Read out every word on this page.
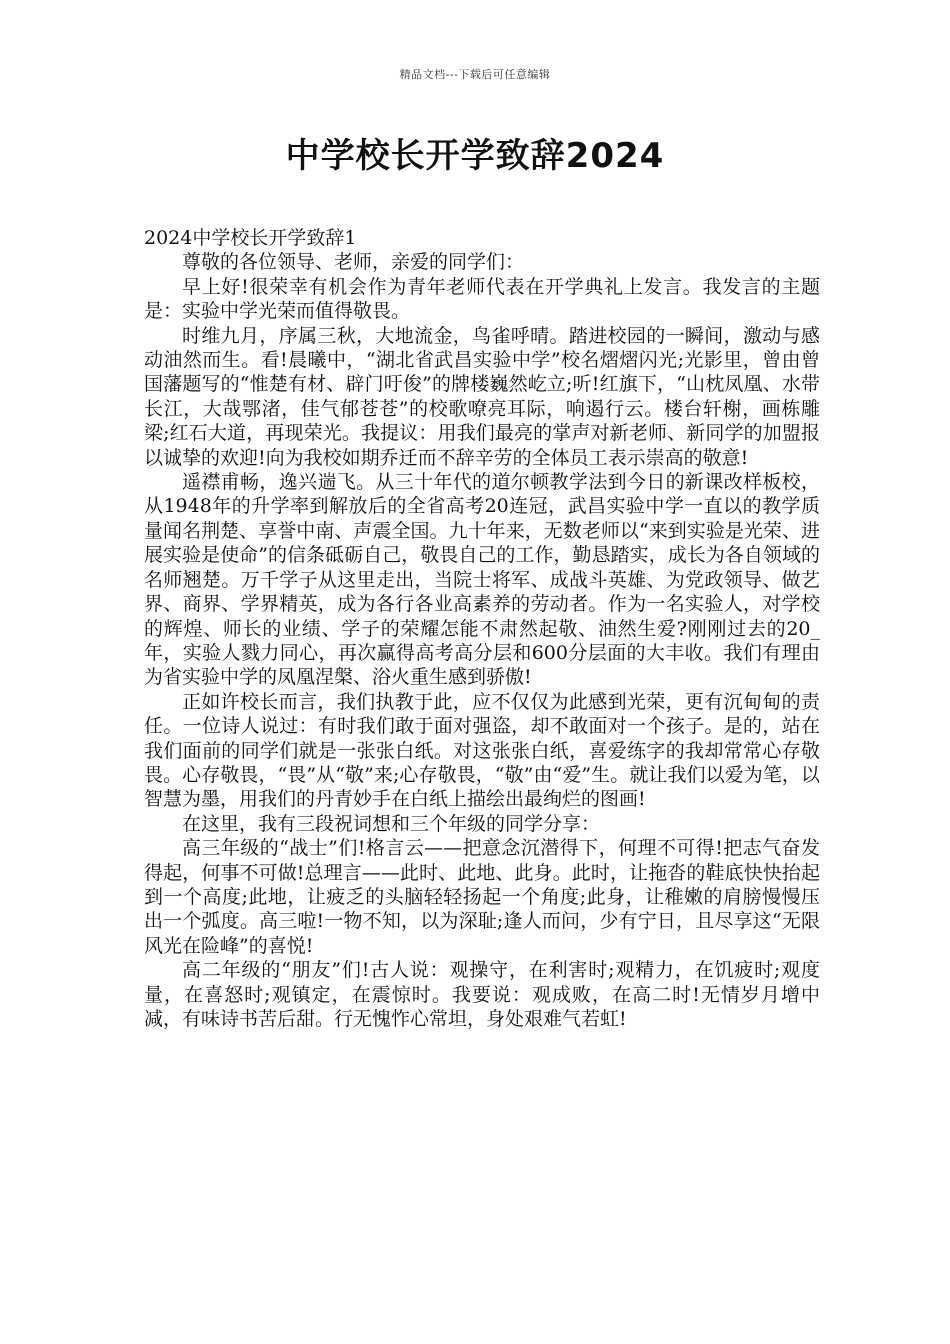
精品文档---下载后可任意编辑
中学校长开学致辞2024

2024中学校长开学致辞1

尊敬的各位领导、老师，亲爱的同学们：

早上好!很荣幸有机会作为青年老师代表在开学典礼上发言。我发言的主题是：实验中学光荣而值得敬畏。

时维九月，序属三秋，大地流金，鸟雀呼晴。踏进校园的一瞬间，激动与感动油然而生。看!晨曦中，“湖北省武昌实验中学”校名熠熠闪光;光影里，曾由曾国藩题写的“惟楚有材、辟门吁俊”的牌楼巍然屹立;听!红旗下，“山枕凤凰、水带长江，大哉鄂渚，佳气郁苍苍”的校歌嘹亮耳际，响遏行云。楼台轩榭，画栋雕梁;红石大道，再现荣光。我提议：用我们最亮的掌声对新老师、新同学的加盟报以诚挚的欢迎!向为我校如期乔迁而不辞辛劳的全体员工表示崇高的敬意!

遥襟甫畅，逸兴遄飞。从三十年代的道尔顿教学法到今日的新课改样板校，从1948年的升学率到解放后的全省高考20连冠，武昌实验中学一直以的教学质量闻名荆楚、享誉中南、声震全国。九十年来，无数老师以“来到实验是光荣、进展实验是使命”的信条砥砺自己，敬畏自己的工作，勤恳踏实，成长为各自领域的名师翘楚。万千学子从这里走出，当院士将军、成战斗英雄、为党政领导、做艺界、商界、学界精英，成为各行各业高素养的劳动者。作为一名实验人，对学校的辉煌、师长的业绩、学子的荣耀怎能不肃然起敬、油然生爱?刚刚过去的20_年，实验人戮力同心，再次赢得高考高分层和600分层面的大丰收。我们有理由为省实验中学的凤凰涅槃、浴火重生感到骄傲!

正如许校长而言，我们执教于此，应不仅仅为此感到光荣，更有沉甸甸的责任。一位诗人说过：有时我们敢于面对强盗，却不敢面对一个孩子。是的，站在我们面前的同学们就是一张张白纸。对这张张白纸，喜爱练字的我却常常心存敬畏。心存敬畏，“畏”从“敬”来;心存敬畏，“敬”由“爱”生。就让我们以爱为笔，以智慧为墨，用我们的丹青妙手在白纸上描绘出最绚烂的图画!

在这里，我有三段祝词想和三个年级的同学分享：

高三年级的“战士”们!格言云——把意念沉潜得下，何理不可得!把志气奋发得起，何事不可做!总理言——此时、此地、此身。此时，让拖沓的鞋底快快抬起到一个高度;此地，让疲乏的头脑轻轻扬起一个角度;此身，让稚嫩的肩膀慢慢压出一个弧度。高三啦!一物不知，以为深耻;逢人而问，少有宁日，且尽享这“无限风光在险峰”的喜悦!

高二年级的“朋友”们!古人说：观操守，在利害时;观精力，在饥疲时;观度量，在喜怒时;观镇定，在震惊时。我要说：观成败，在高二时!无情岁月增中减，有味诗书苦后甜。行无愧怍心常坦，身处艰难气若虹!
